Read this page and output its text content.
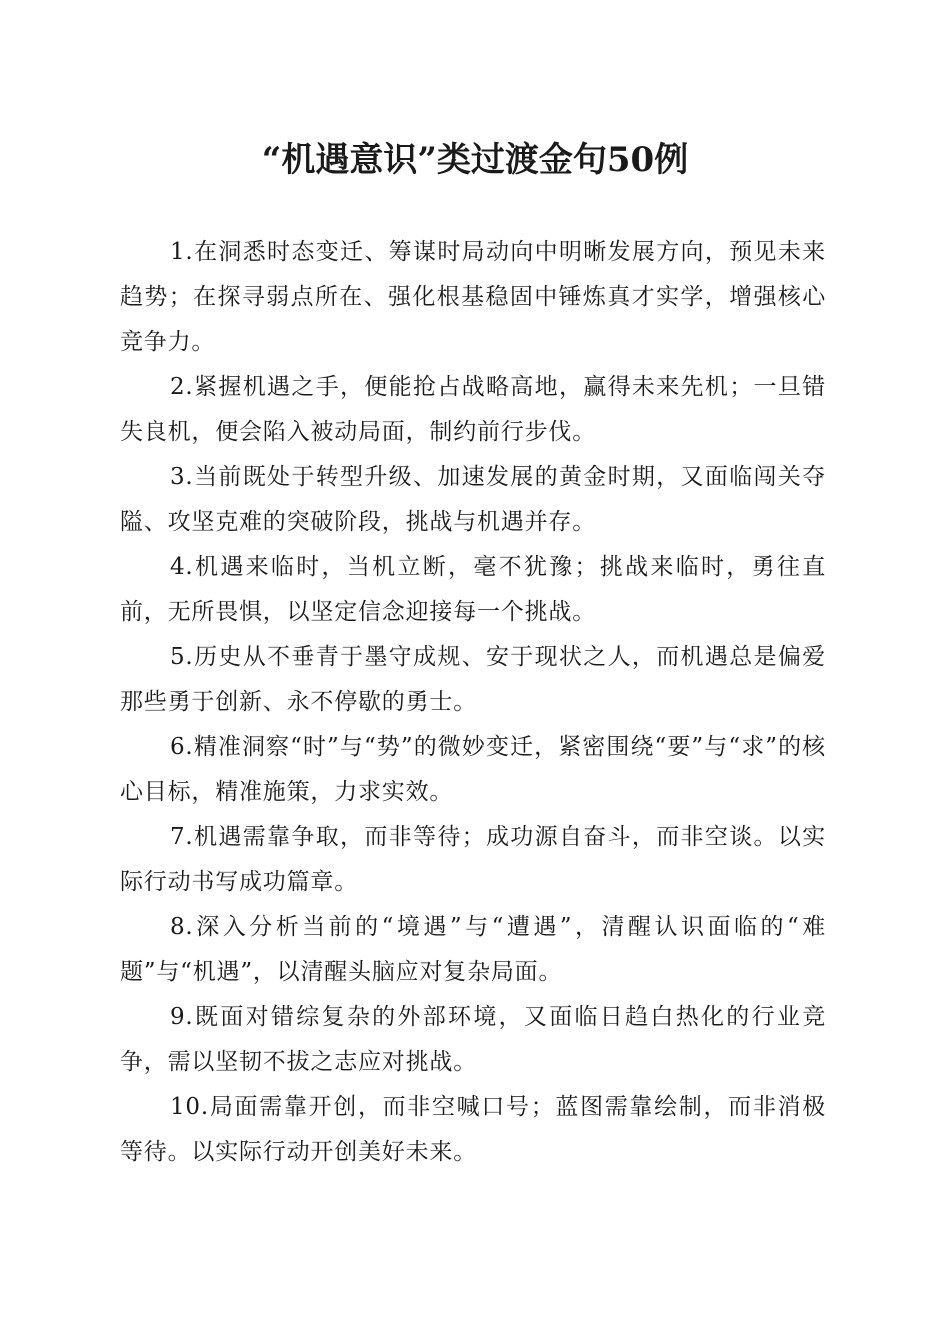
“机遇意识”类过渡金句50例

1.在洞悉时态变迁、筹谋时局动向中明晰发展方向，预见未来趋势；在探寻弱点所在、强化根基稳固中锤炼真才实学，增强核心竞争力。

2.紧握机遇之手，便能抢占战略高地，赢得未来先机；一旦错失良机，便会陷入被动局面，制约前行步伐。

3.当前既处于转型升级、加速发展的黄金时期，又面临闯关夺隘、攻坚克难的突破阶段，挑战与机遇并存。

4.机遇来临时，当机立断，毫不犹豫；挑战来临时，勇往直前，无所畏惧，以坚定信念迎接每一个挑战。

5.历史从不垂青于墨守成规、安于现状之人，而机遇总是偏爱那些勇于创新、永不停歇的勇士。

6.精准洞察“时”与“势”的微妙变迁，紧密围绕“要”与“求”的核心目标，精准施策，力求实效。

7.机遇需靠争取，而非等待；成功源自奋斗，而非空谈。以实际行动书写成功篇章。

8.深入分析当前的“境遇”与“遭遇”，清醒认识面临的“难题”与“机遇”，以清醒头脑应对复杂局面。

9.既面对错综复杂的外部环境，又面临日趋白热化的行业竞争，需以坚韧不拔之志应对挑战。

10.局面需靠开创，而非空喊口号；蓝图需靠绘制，而非消极等待。以实际行动开创美好未来。
